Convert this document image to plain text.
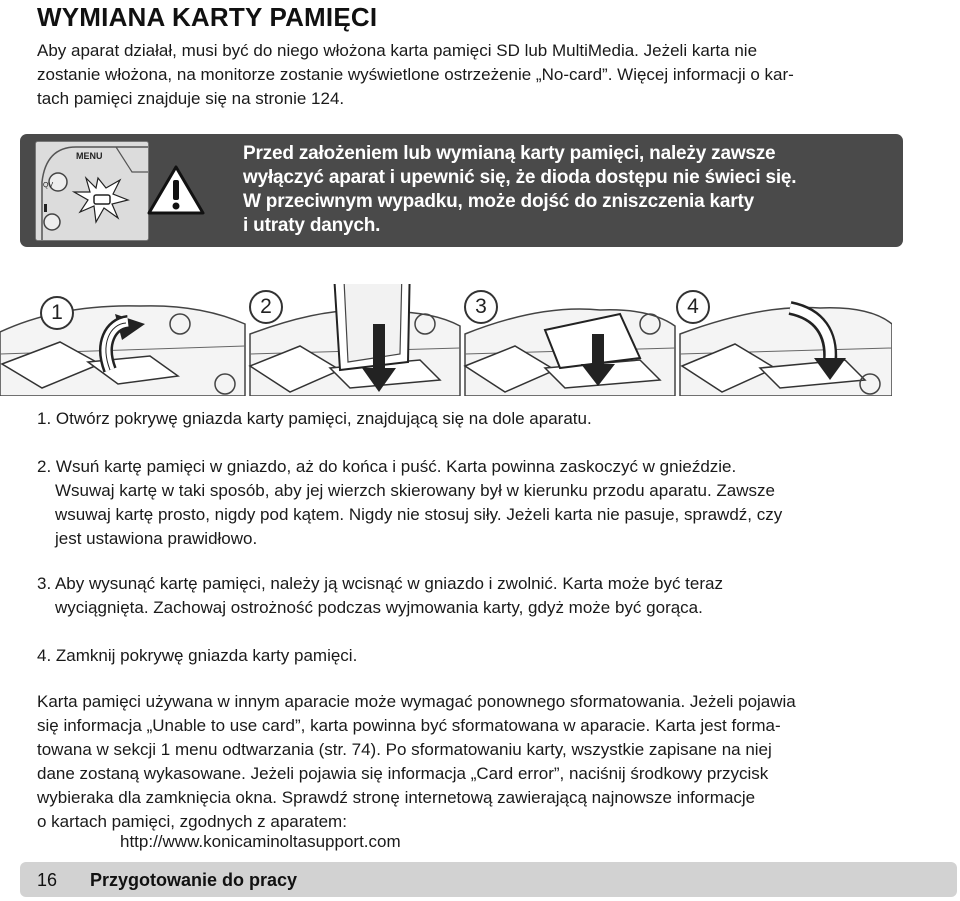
WYMIANA KARTY PAMIĘCI
Aby aparat działał, musi być do niego włożona karta pamięci SD lub MultiMedia. Jeżeli karta nie
zostanie włożona, na monitorze zostanie wyświetlone ostrzeżenie „No-card”. Więcej informacji o kar-
tach pamięci znajduje się na stronie 124.
MENU
QV
Przed założeniem lub wymianą karty pamięci, należy zawsze
wyłączyć aparat i upewnić się, że dioda dostępu nie świeci się.
W przeciwnym wypadku, może dojść do zniszczenia karty
i utraty danych.
1	2	3	4
1. Otwórz pokrywę gniazda karty pamięci, znajdującą się na dole aparatu.
2. Wsuń kartę pamięci w gniazdo, aż do końca i puść. Karta powinna zaskoczyć w gnieździe.
Wsuwaj kartę w taki sposób, aby jej wierzch skierowany był w kierunku przodu aparatu. Zawsze
wsuwaj kartę prosto, nigdy pod kątem. Nigdy nie stosuj siły. Jeżeli karta nie pasuje, sprawdź, czy
jest ustawiona prawidłowo.
3. Aby wysunąć kartę pamięci, należy ją wcisnąć w gniazdo i zwolnić. Karta może być teraz
wyciągnięta. Zachowaj ostrożność podczas wyjmowania karty, gdyż może być gorąca.
4. Zamknij pokrywę gniazda karty pamięci.
Karta pamięci używana w innym aparacie może wymagać ponownego sformatowania. Jeżeli pojawia
się informacja „Unable to use card”, karta powinna być sformatowana w aparacie. Karta jest forma-
towana w sekcji 1 menu odtwarzania (str. 74). Po sformatowaniu karty, wszystkie zapisane na niej
dane zostaną wykasowane. Jeżeli pojawia się informacja „Card error”, naciśnij środkowy przycisk
wybieraka dla zamknięcia okna. Sprawdź stronę internetową zawierającą najnowsze informacje
o kartach pamięci, zgodnych z aparatem:
http://www.konicaminoltasupport.com
16 Przygotowanie do pracy
